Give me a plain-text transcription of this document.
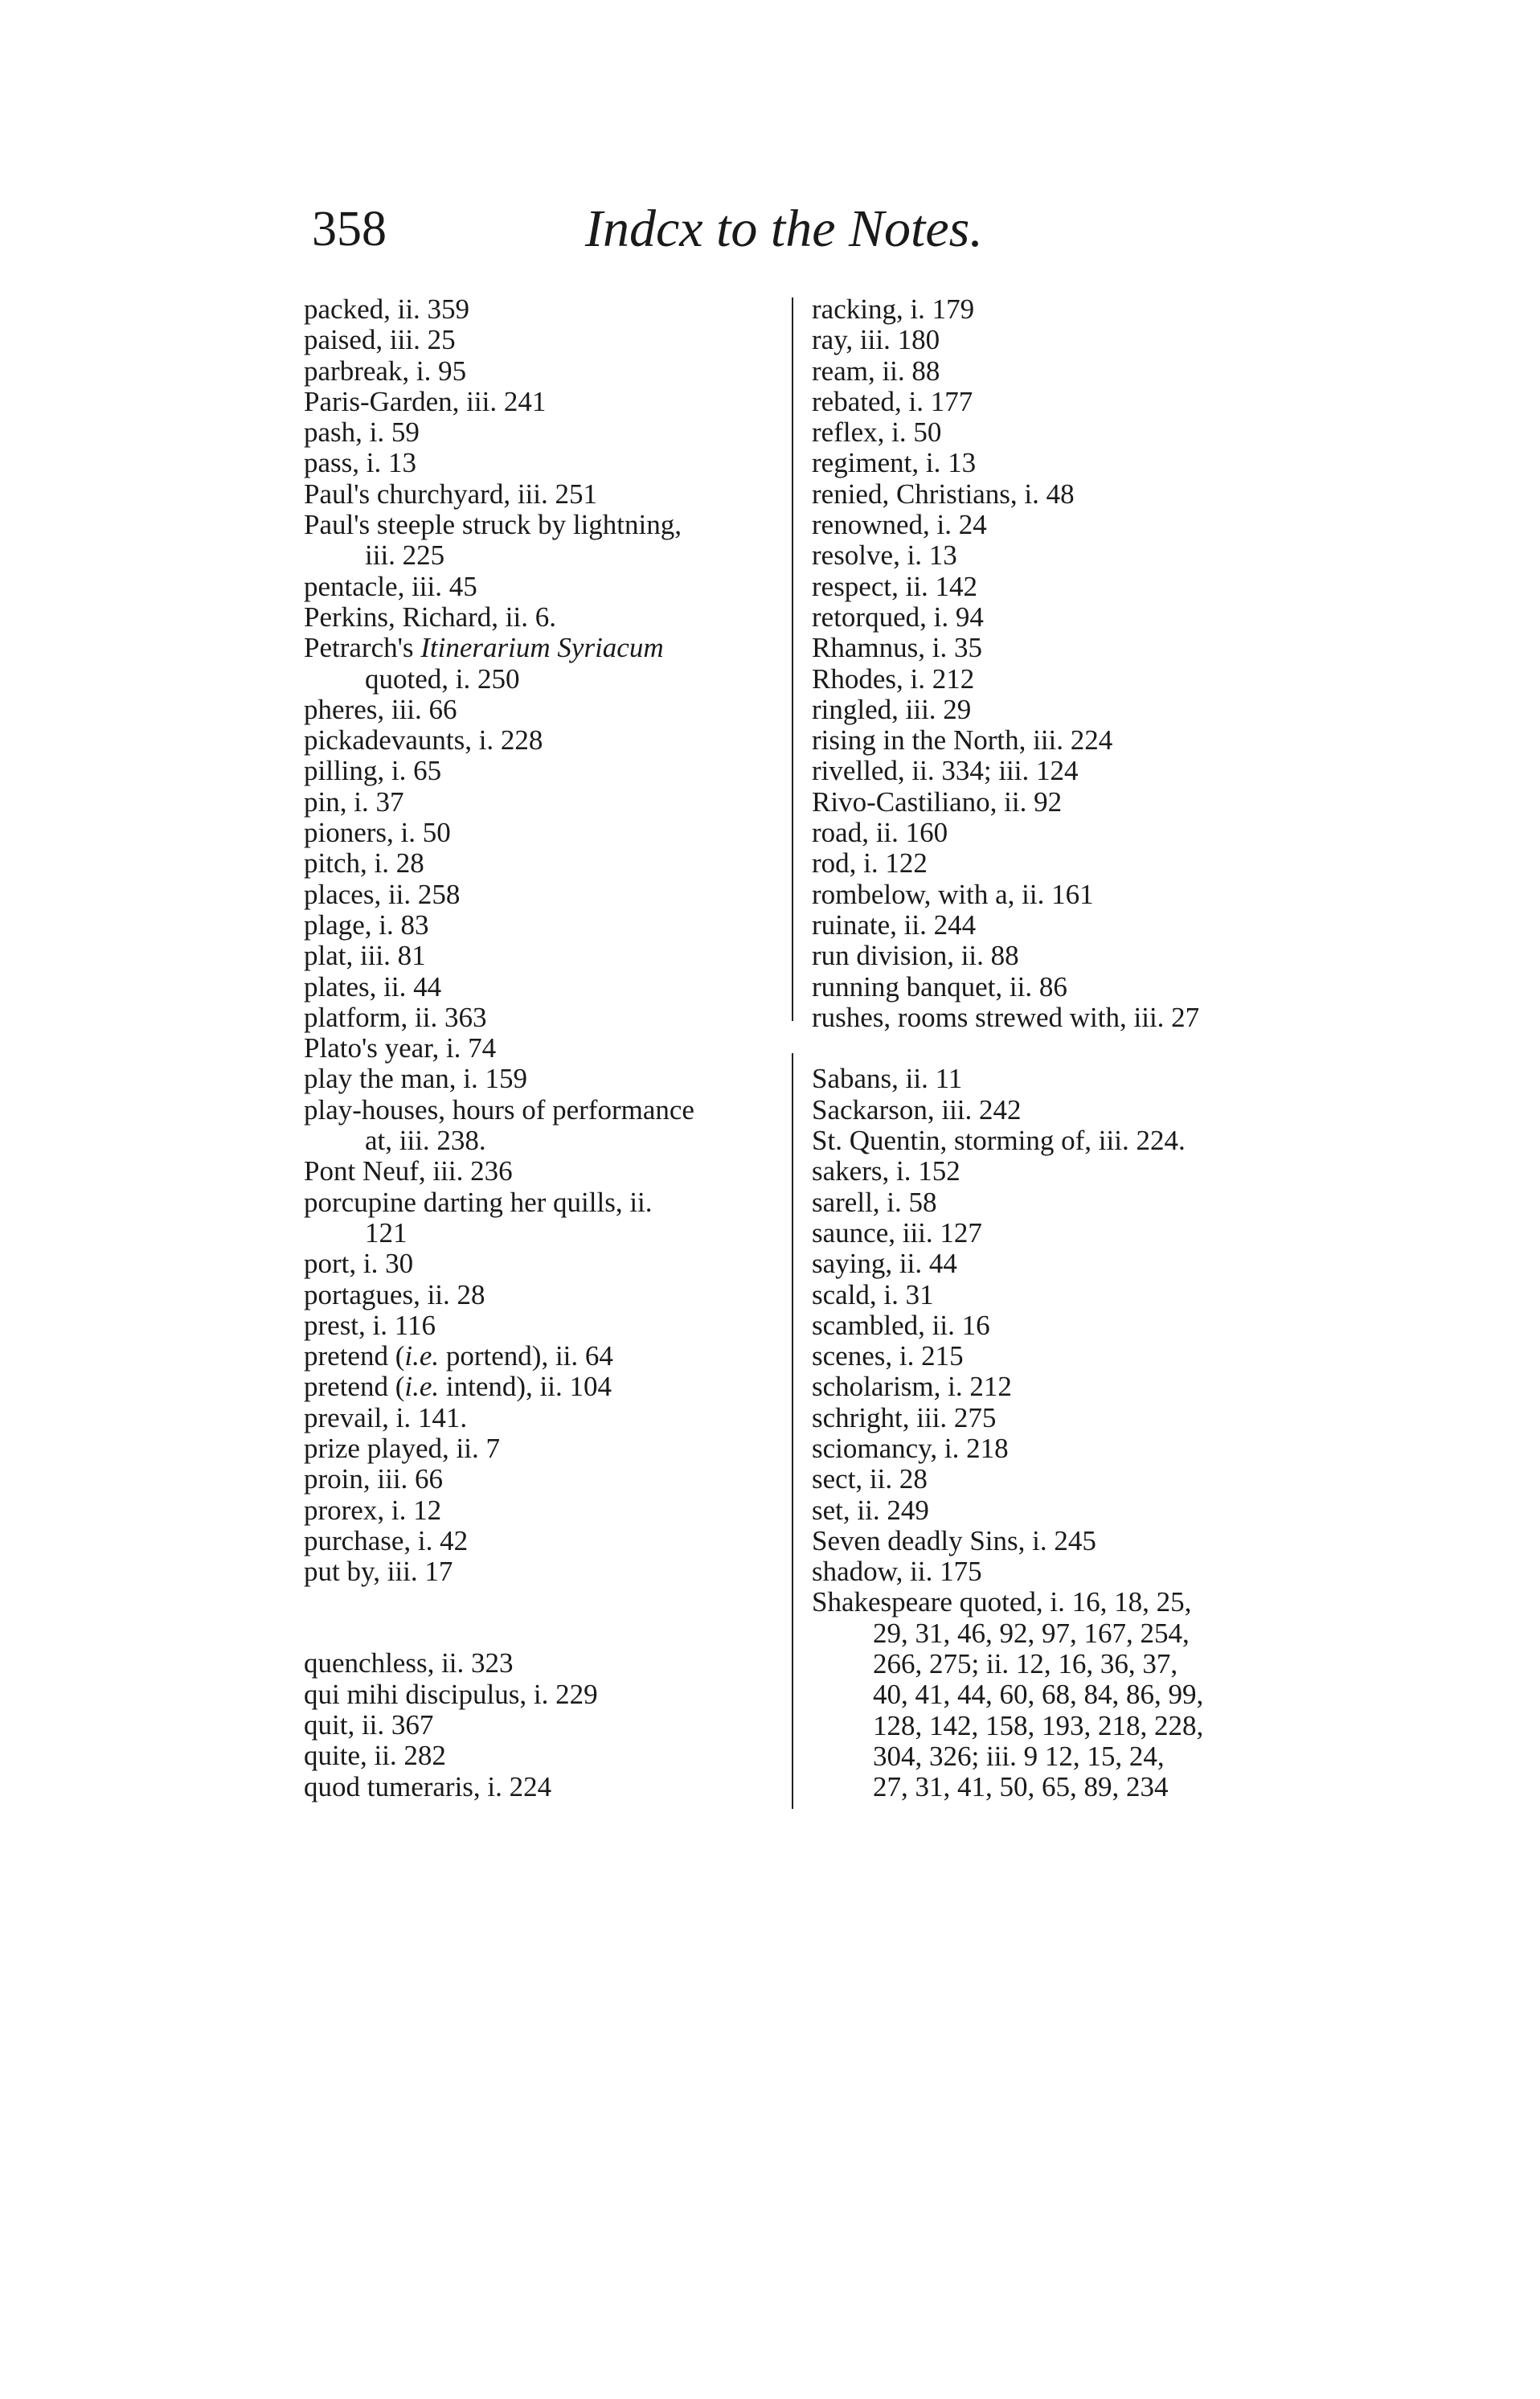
358	Indcx to the Notes.
packed, ii. 359
paised, iii. 25
parbreak, i. 95
Paris-Garden, iii. 241
pash, i. 59
pass, i. 13
Paul's churchyard, iii. 251
Paul's steeple struck by lightning,
iii. 225
pentacle, iii. 45
Perkins, Richard, ii. 6.
Petrarch's Itinerarium Syriacum
quoted, i. 250
pheres, iii. 66
pickadevaunts, i. 228
pilling, i. 65
pin, i. 37
pioners, i. 50
pitch, i. 28
places, ii. 258
plage, i. 83
plat, iii. 81
plates, ii. 44
platform, ii. 363
Plato's year, i. 74
play the man, i. 159
play-houses, hours of performance
at, iii. 238.
Pont Neuf, iii. 236
porcupine darting her quills, ii.
121
port, i. 30
portagues, ii. 28
prest, i. 116
pretend (i.e. portend), ii. 64
pretend (i.e. intend), ii. 104
prevail, i. 141.
prize played, ii. 7
proin, iii. 66
prorex, i. 12
purchase, i. 42
put by, iii. 17
quenchless, ii. 323
qui mihi discipulus, i. 229
quit, ii. 367
quite, ii. 282
quod tumeraris, i. 224
racking, i. 179
ray, iii. 180
ream, ii. 88
rebated, i. 177
reflex, i. 50
regiment, i. 13
renied, Christians, i. 48
renowned, i. 24
resolve, i. 13
respect, ii. 142
retorqued, i. 94
Rhamnus, i. 35
Rhodes, i. 212
ringled, iii. 29
rising in the North, iii. 224
rivelled, ii. 334; iii. 124
Rivo-Castiliano, ii. 92
road, ii. 160
rod, i. 122
rombelow, with a, ii. 161
ruinate, ii. 244
run division, ii. 88
running banquet, ii. 86
rushes, rooms strewed with, iii. 27
Sabans, ii. 11
Sackarson, iii. 242
St. Quentin, storming of, iii. 224.
sakers, i. 152
sarell, i. 58
saunce, iii. 127
saying, ii. 44
scald, i. 31
scambled, ii. 16
scenes, i. 215
scholarism, i. 212
schright, iii. 275
sciomancy, i. 218
sect, ii. 28
set, ii. 249
Seven deadly Sins, i. 245
shadow, ii. 175
Shakespeare quoted, i. 16, 18, 25,
29, 31, 46, 92, 97, 167, 254,
266, 275; ii. 12, 16, 36, 37,
40, 41, 44, 60, 68, 84, 86, 99,
128, 142, 158, 193, 218, 228,
304, 326; iii. 9 12, 15, 24,
27, 31, 41, 50, 65, 89, 234
